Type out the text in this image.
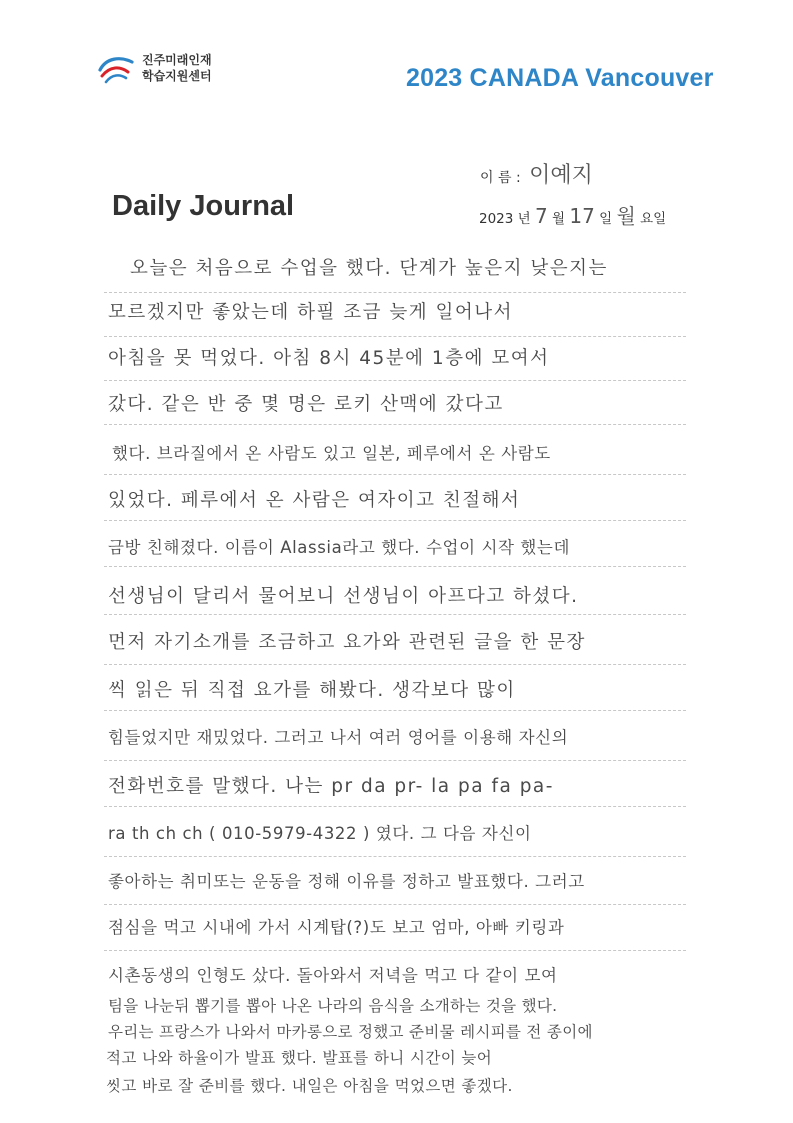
진주미래인재
학습지원센터	2023 CANADA Vancouver
이 름 : 이예지
Daily Journal	2023 년 7 월 17 일 월 요일
오늘은 처음으로 수업을 했다. 단계가 높은지 낮은지는
모르겠지만 좋았는데 하필 조금 늦게 일어나서
아침을 못 먹었다. 아침 8시 45분에 1층에 모여서
갔다. 같은 반 중 몇 명은 로키 산맥에 갔다고
했다. 브라질에서 온 사람도 있고 일본, 페루에서 온 사람도
있었다. 페루에서 온 사람은 여자이고 친절해서
금방 친해졌다. 이름이 Alassia라고 했다. 수업이 시작 했는데
선생님이 달리서 물어보니 선생님이 아프다고 하셨다.
먼저 자기소개를 조금하고 요가와 관련된 글을 한 문장
씩 읽은 뒤 직접 요가를 해봤다. 생각보다 많이
힘들었지만 재밌었다. 그러고 나서 여러 영어를 이용해 자신의
전화번호를 말했다. 나는 pr da pr- la pa fa pa-
ra th ch ch ( 010-5979-4322 ) 였다. 그 다음 자신이
좋아하는 취미또는 운동을 정해 이유를 정하고 발표했다. 그러고
점심을 먹고 시내에 가서 시계탑(?)도 보고 엄마, 아빠 키링과
시촌동생의 인형도 샀다. 돌아와서 저녁을 먹고 다 같이 모여
팀을 나눈뒤 뽑기를 뽑아 나온 나라의 음식을 소개하는 것을 했다.
우리는 프랑스가 나와서 마카롱으로 정했고 준비물 레시피를 전 종이에
적고 나와 하율이가 발표 했다. 발표를 하니 시간이 늦어
씻고 바로 잘 준비를 했다. 내일은 아침을 먹었으면 좋겠다.
